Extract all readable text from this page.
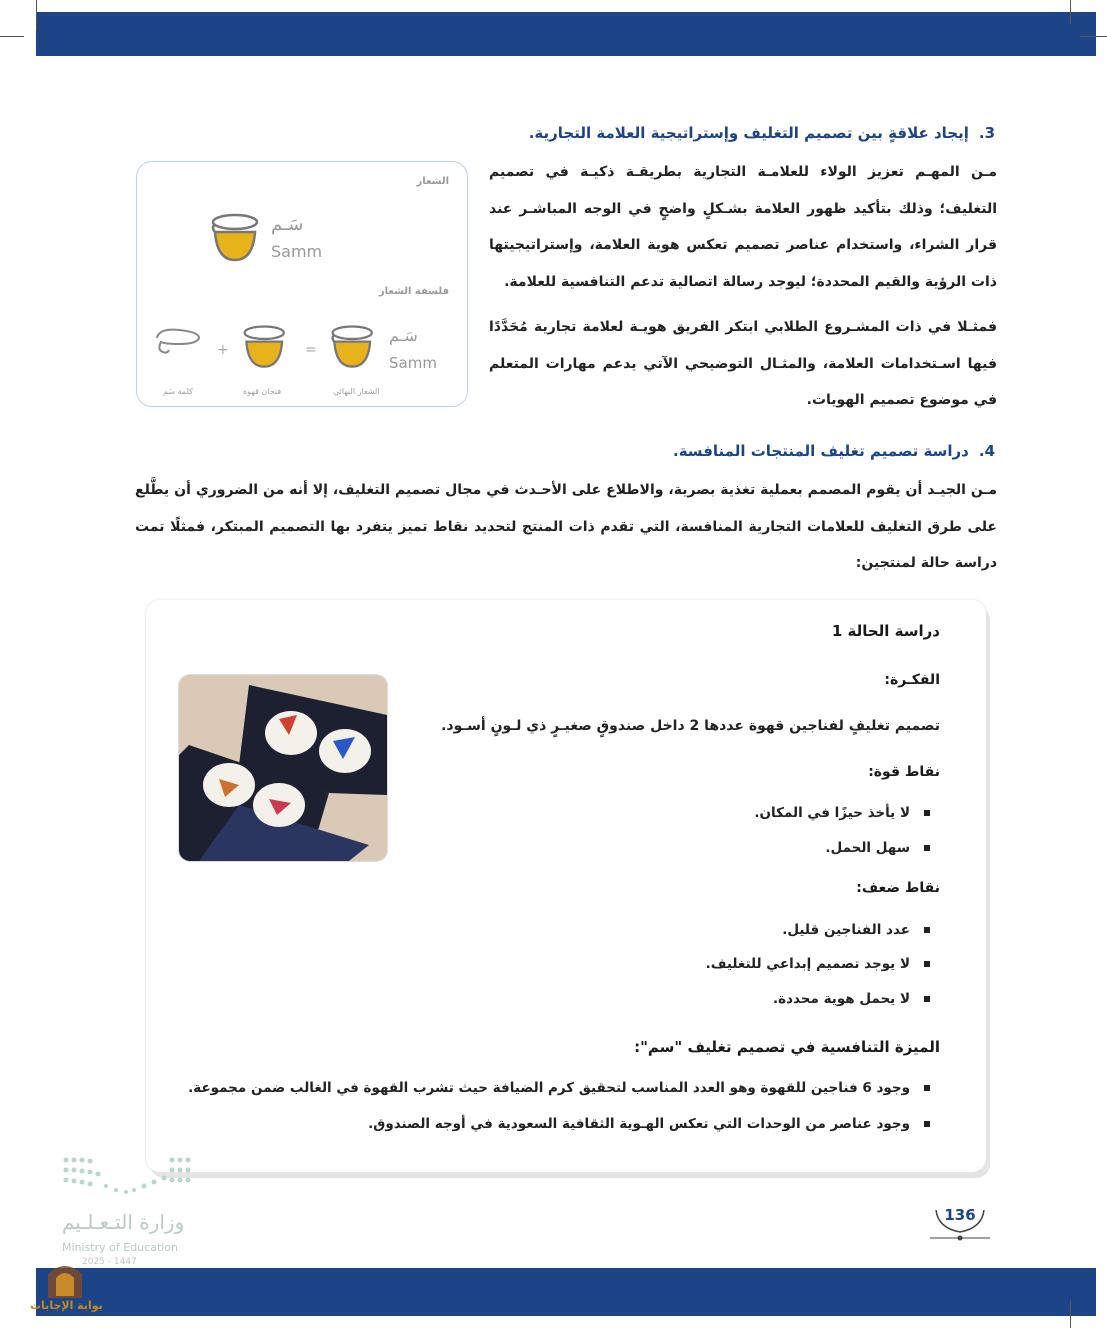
3.إيجاد علاقةٍ بين تصميم التغليف وإستراتيجية العلامة التجارية.

مـن المهـم تعزيز الولاء للعلامـة التجارية بطريقـة ذكيـة في تصميم التغليف؛ وذلك بتأكيد ظهور العلامة بشـكلٍ واضحٍ في الوجه المباشـر عند قرار الشراء، واستخدام عناصر تصميم تعكس هوية العلامة، وإستراتيجيتها ذات الرؤية والقيم المحددة؛ ليوجد رسالة اتصالية تدعم التنافسية للعلامة.

فمثـلا في ذات المشـروع الطلابي ابتكر الفريق هويـة لعلامة تجارية مُحَدَّدًا فيها اسـتخدامات العلامة، والمثـال التوضيحي الآتي يدعم مهارات المتعلم في موضوع تصميم الهويات.

الشعار
سَـم
Samm
فلسفة الشعار
كلمة سَم
+
فنجان قهوة
=
سَـم
Samm
الشعار النهائي
4.دراسة تصميم تغليف المنتجات المنافسة.

مـن الجيـد أن يقوم المصمم بعملية تغذية بصرية، والاطلاع على الأحـدث في مجال تصميم التغليف، إلا أنه من الضروري أن يطَّلع على طرق التغليف للعلامات التجارية المنافسة، التي تقدم ذات المنتج لتحديد نقاط تميز يتفرد بها التصميم المبتكر، فمثلًا تمت دراسة حالة لمنتجين:

دراسة الحالة 1
الفكـرة:
تصميم تغليفٍ لفناجين قهوة عددها 2 داخل صندوقٍ صغيـرٍ ذي لـونٍ أسـود.
نقاط قوة:
لا يأخذ حيزًا في المكان.
سهل الحمل.
نقاط ضعف:
عدد الفناجين قليل.
لا يوجد تصميم إبداعي للتغليف.
لا يحمل هوية محددة.
الميزة التنافسية في تصميم تغليف "سم":
وجود 6 فناجين للقهوة وهو العدد المناسب لتحقيق كرم الضيافة حيث تشرب القهوة في الغالب ضمن مجموعة.
وجود عناصر من الوحدات التي تعكس الهـوية الثقافية السعودية في أوجه الصندوق.
وزارة التـعـلـيم
Ministry of Education
2025 - 1447
136
بوابة الإجابات
